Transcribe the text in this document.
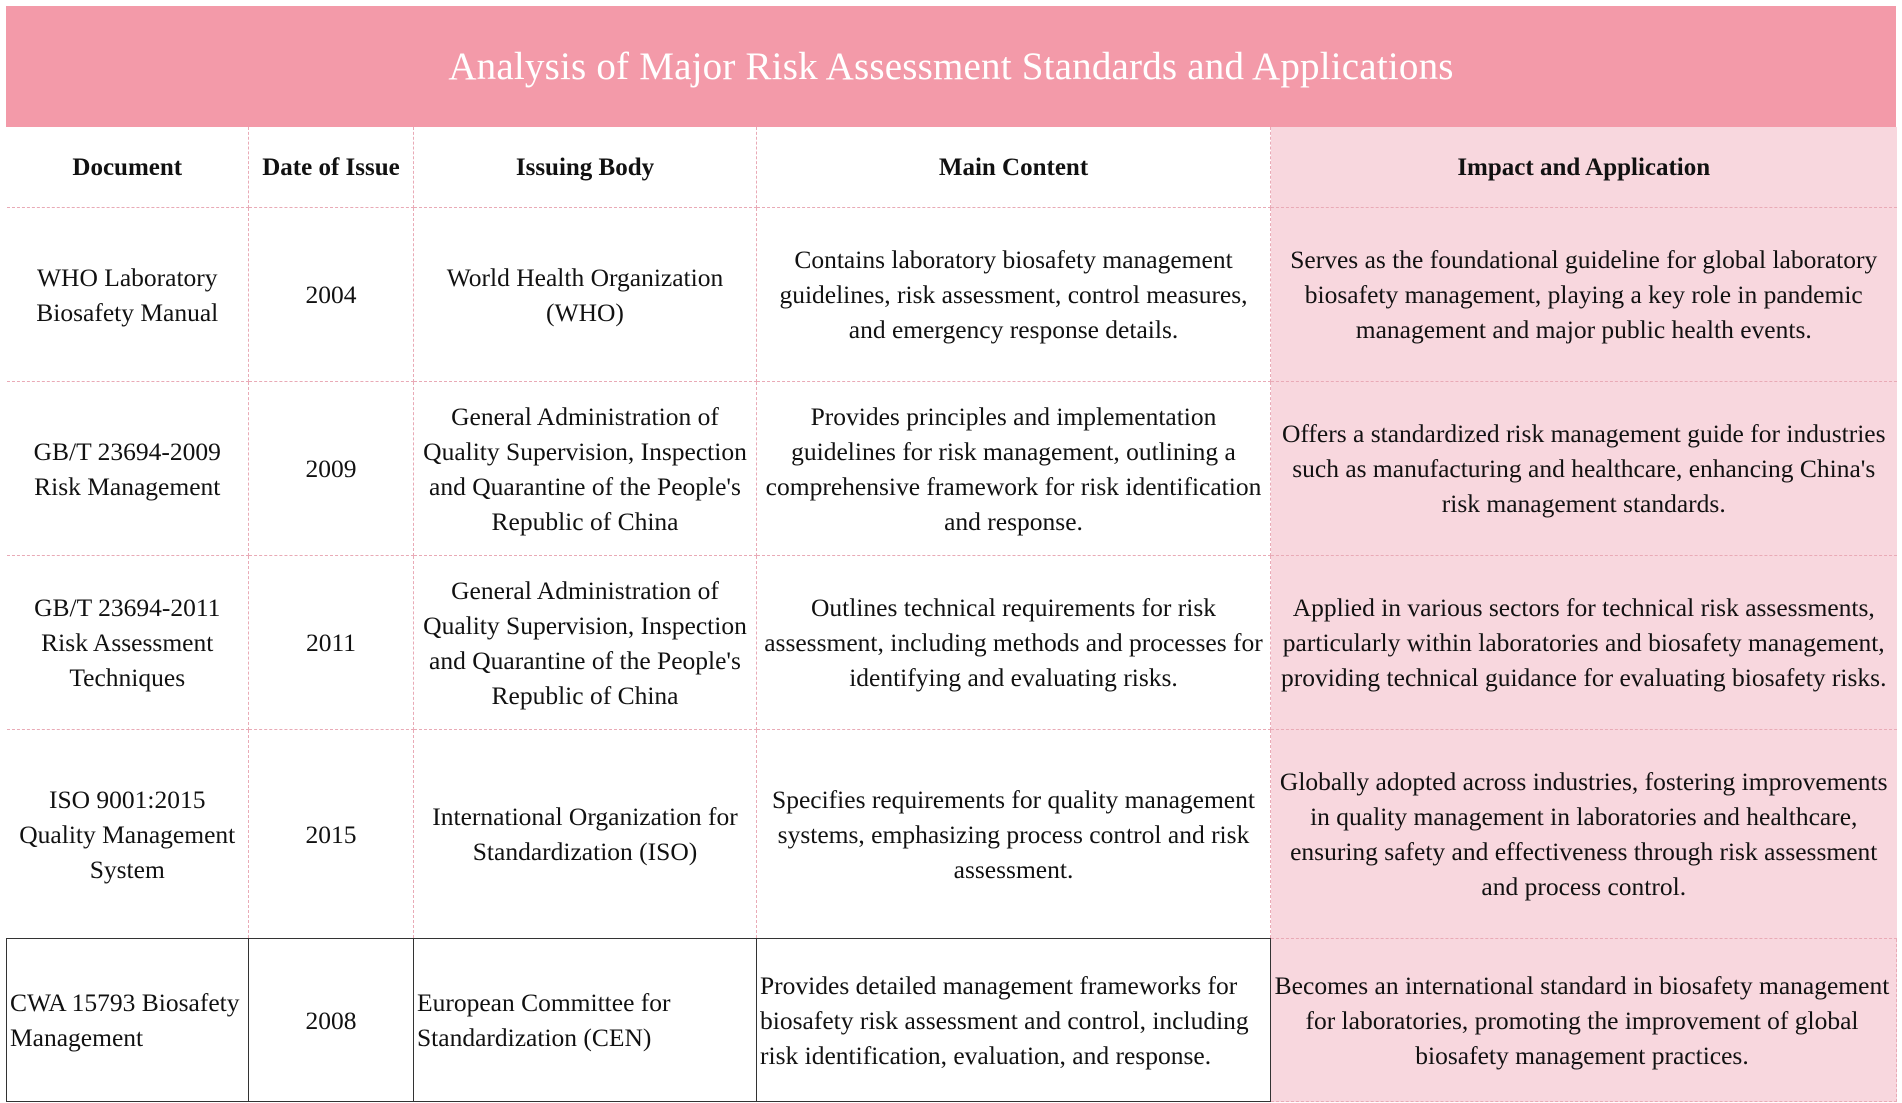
Analysis of Major Risk Assessment Standards and Applications
Document	Date of Issue	Issuing Body	Main Content	Impact and Application
WHO Laboratory Biosafety Manual	2004	World Health Organization (WHO)	Contains laboratory biosafety management guidelines, risk assessment, control measures, and emergency response details.	Serves as the foundational guideline for global laboratory biosafety management, playing a key role in pandemic management and major public health events.
GB/T 23694-2009 Risk Management	2009	General Administration of Quality Supervision, Inspection and Quarantine of the People's Republic of China	Provides principles and implementation guidelines for risk management, outlining a comprehensive framework for risk identification and response.	Offers a standardized risk management guide for industries such as manufacturing and healthcare, enhancing China's risk management standards.
GB/T 23694-2011 Risk Assessment Techniques	2011	General Administration of Quality Supervision, Inspection and Quarantine of the People's Republic of China	Outlines technical requirements for risk assessment, including methods and processes for identifying and evaluating risks.	Applied in various sectors for technical risk assessments, particularly within laboratories and biosafety management, providing technical guidance for evaluating biosafety risks.
ISO 9001:2015 Quality Management System	2015	International Organization for Standardization (ISO)	Specifies requirements for quality management systems, emphasizing process control and risk assessment.	Globally adopted across industries, fostering improvements in quality management in laboratories and healthcare, ensuring safety and effectiveness through risk assessment and process control.
CWA 15793 Biosafety Management	2008	European Committee for Standardization (CEN)	Provides detailed management frameworks for biosafety risk assessment and control, including risk identification, evaluation, and response.	Becomes an international standard in biosafety management for laboratories, promoting the improvement of global biosafety management practices.
